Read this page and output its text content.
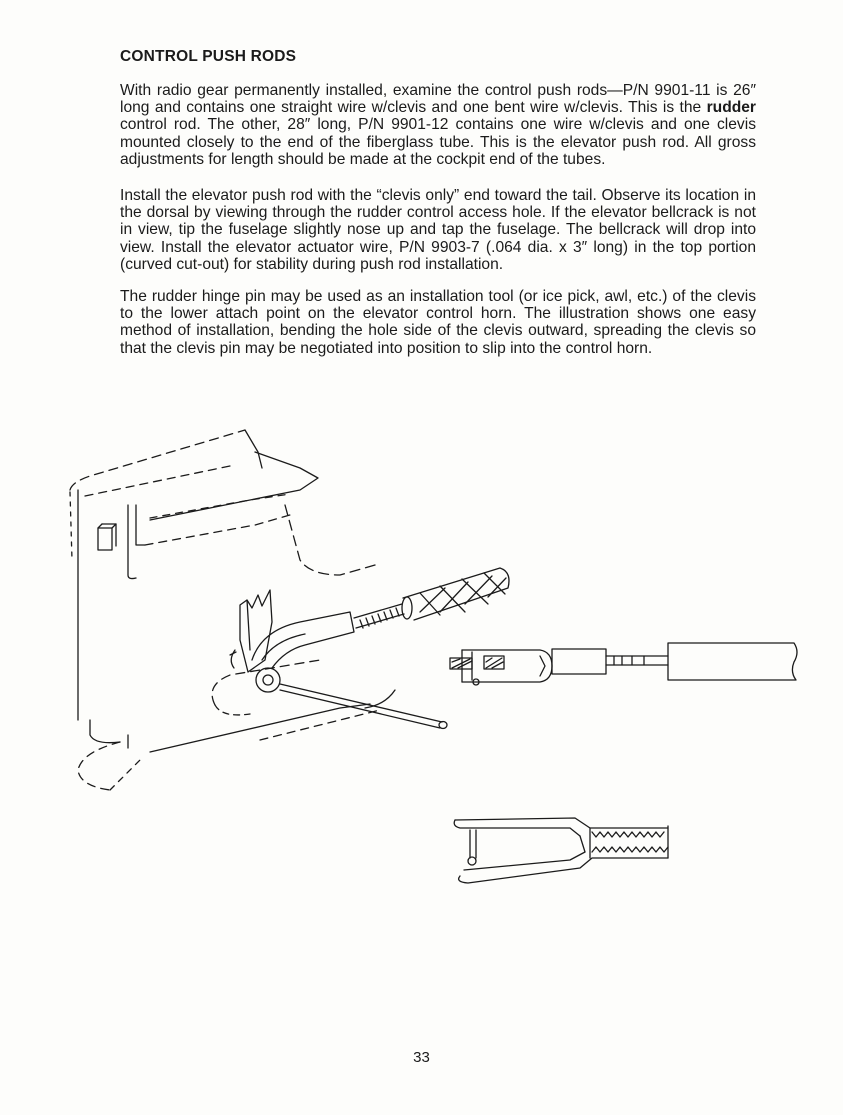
CONTROL PUSH RODS

With radio gear permanently installed, examine the control push rods—P/N 9901-11 is 26″ long and contains one straight wire w/clevis and one bent wire w/clevis. This is the rudder control rod. The other, 28″ long, P/N 9901-12 contains one wire w/clevis and one clevis mounted closely to the end of the fiberglass tube. This is the elevator push rod. All gross adjustments for length should be made at the cockpit end of the tubes.

Install the elevator push rod with the “clevis only” end toward the tail. Observe its location in the dorsal by viewing through the rudder control access hole. If the elevator bellcrack is not in view, tip the fuselage slightly nose up and tap the fuselage. The bellcrack will drop into view. Install the elevator actuator wire, P/N 9903-7 (.064 dia. x 3″ long) in the top portion (curved cut-out) for stability during push rod installation.

The rudder hinge pin may be used as an installation tool (or ice pick, awl, etc.) of the clevis to the lower attach point on the elevator control horn. The illustration shows one easy method of installation, bending the hole side of the clevis outward, spreading the clevis so that the clevis pin may be negotiated into position to slip into the control horn.

33
